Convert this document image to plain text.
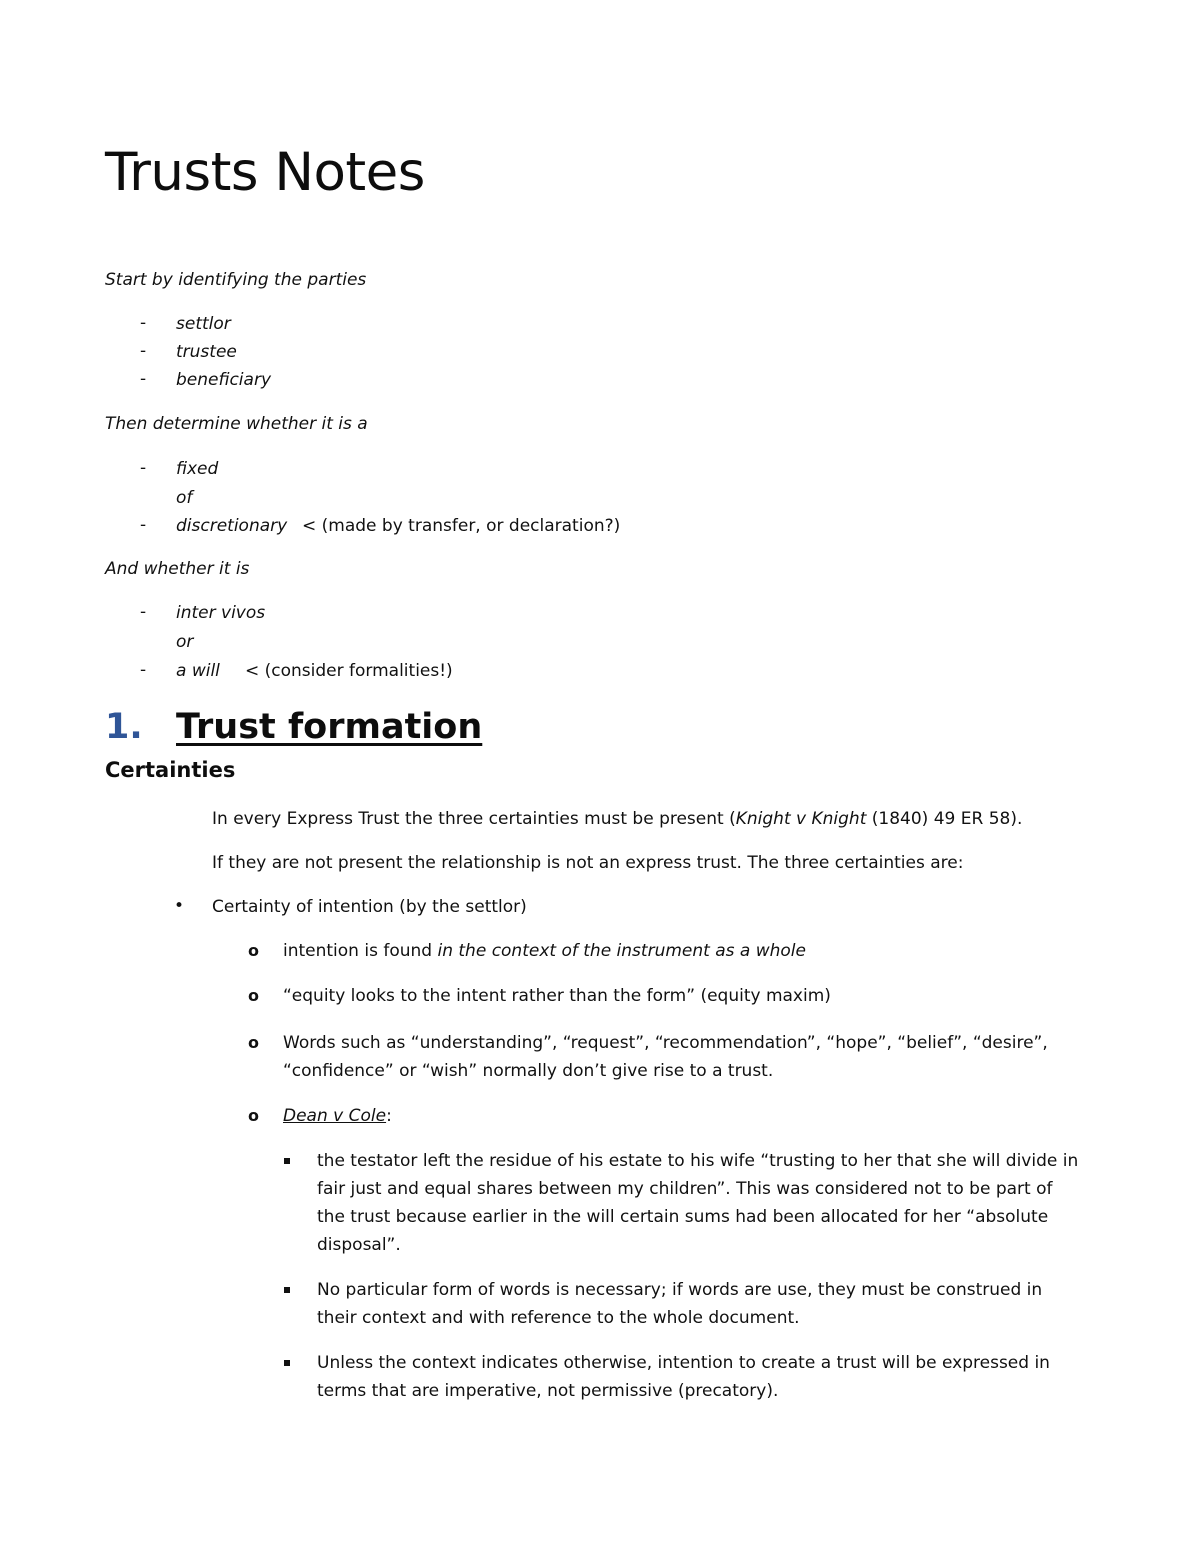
Trusts Notes
Start by identifying the parties
- settlor
- trustee
- beneficiary
Then determine whether it is a
- fixed
of
- discretionary < (made by transfer, or declaration?)
And whether it is
- inter vivos
or
- a will < (consider formalities!)
1. Trust formation
Certainties
In every Express Trust the three certainties must be present (Knight v Knight (1840) 49 ER 58).
If they are not present the relationship is not an express trust. The three certainties are:
• Certainty of intention (by the settlor)
o intention is found in the context of the instrument as a whole
o “equity looks to the intent rather than the form” (equity maxim)
o Words such as “understanding”, “request”, “recommendation”, “hope”, “belief”, “desire”,
“confidence” or “wish” normally don’t give rise to a trust.
o Dean v Cole:
the testator left the residue of his estate to his wife “trusting to her that she will divide in
fair just and equal shares between my children”. This was considered not to be part of
the trust because earlier in the will certain sums had been allocated for her “absolute
disposal”.
No particular form of words is necessary; if words are use, they must be construed in
their context and with reference to the whole document.
Unless the context indicates otherwise, intention to create a trust will be expressed in
terms that are imperative, not permissive (precatory).
